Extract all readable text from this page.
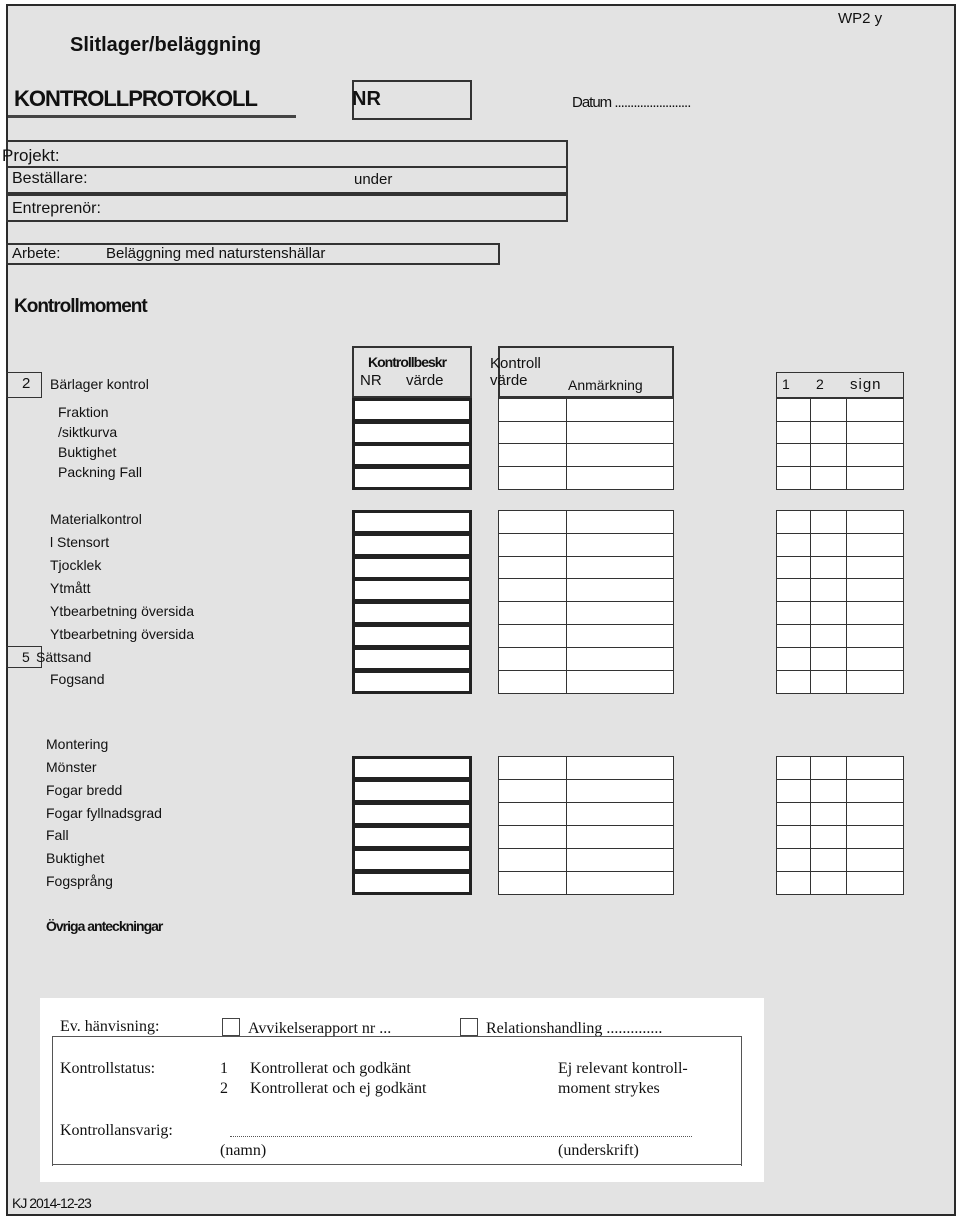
WP2 y
Slitlager/beläggning
KONTROLLPROTOKOLL	NR	Datum ........................
Projekt:
Beställare:	under
Entreprenör:
Arbete:	Beläggning med naturstenshällar
Kontrollmoment
Kontrollbeskr
NR värde
Kontroll
värde	Anmärkning	1 2 sign
2 Bärlager kontrol
Fraktion
/siktkurva
Buktighet
Packning Fall
Materialkontrol
l Stensort
Tjocklek
Ytmått
Ytbearbetning översida
Ytbearbetning översida
5 Sättsand
Fogsand
Montering
Mönster
Fogar bredd
Fogar fyllnadsgrad
Fall
Buktighet
Fogsprång
Övriga anteckningar
Ev. hänvisning:	Avvikelserapport nr ...	Relationshandling ..............
Kontrollstatus:	1 Kontrollerat och godkänt
2 Kontrollerat och ej godkänt
Ej relevant kontroll-
moment strykes
Kontrollansvarig:
(namn)	(underskrift)
KJ 2014-12-23
